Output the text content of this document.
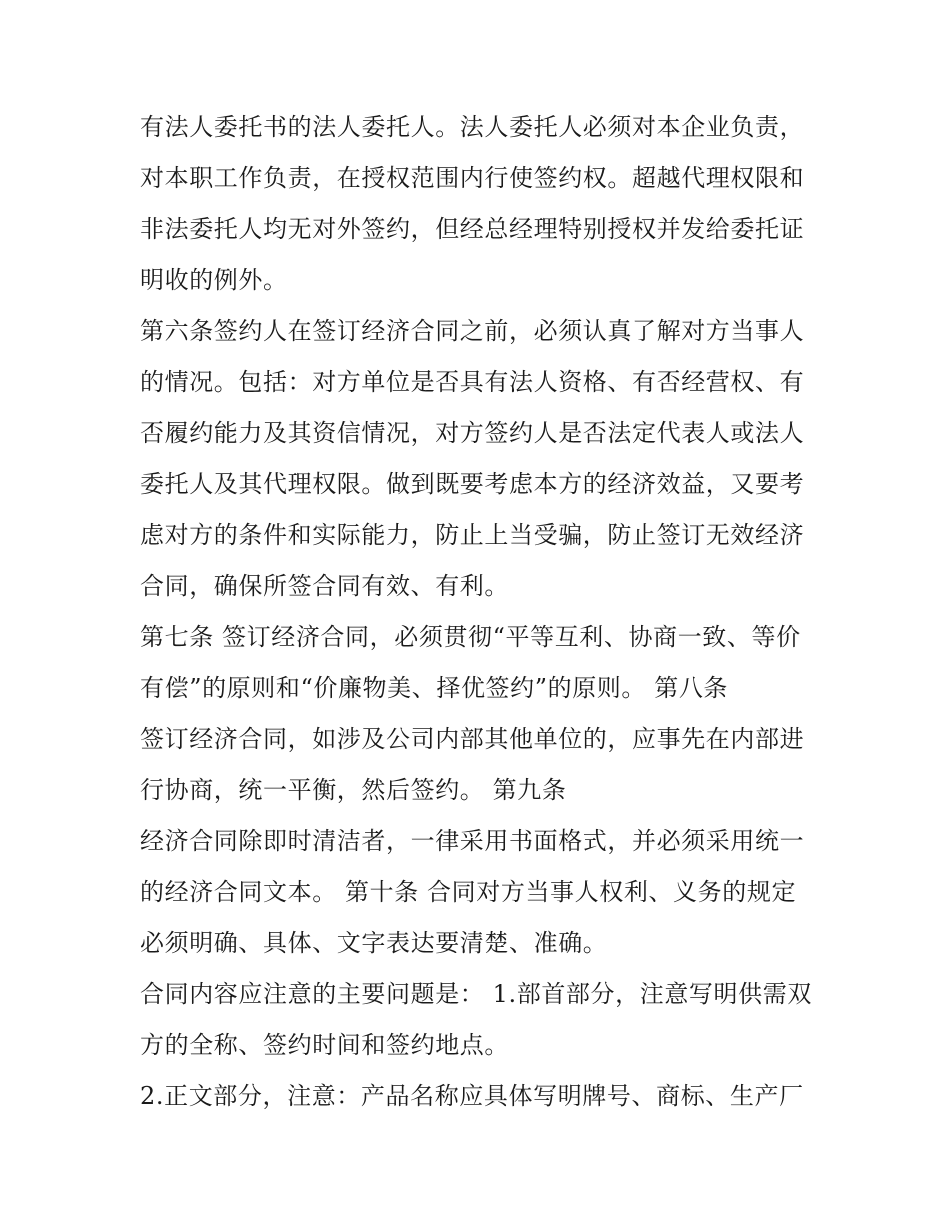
有法人委托书的法人委托人。法人委托人必须对本企业负责，

对本职工作负责，在授权范围内行使签约权。超越代理权限和

非法委托人均无对外签约，但经总经理特别授权并发给委托证

明收的例外。

第六条签约人在签订经济合同之前，必须认真了解对方当事人

的情况。包括：对方单位是否具有法人资格、有否经营权、有

否履约能力及其资信情况，对方签约人是否法定代表人或法人

委托人及其代理权限。做到既要考虑本方的经济效益，又要考

虑对方的条件和实际能力，防止上当受骗，防止签订无效经济

合同，确保所签合同有效、有利。

第七条 签订经济合同，必须贯彻“平等互利、协商一致、等价

有偿”的原则和“价廉物美、择优签约”的原则。 第八条

签订经济合同，如涉及公司内部其他单位的，应事先在内部进

行协商，统一平衡，然后签约。 第九条

经济合同除即时清洁者，一律采用书面格式，并必须采用统一

的经济合同文本。 第十条 合同对方当事人权利、义务的规定

必须明确、具体、文字表达要清楚、准确。

合同内容应注意的主要问题是： 1.部首部分，注意写明供需双

方的全称、签约时间和签约地点。

2.正文部分，注意：产品名称应具体写明牌号、商标、生产厂
